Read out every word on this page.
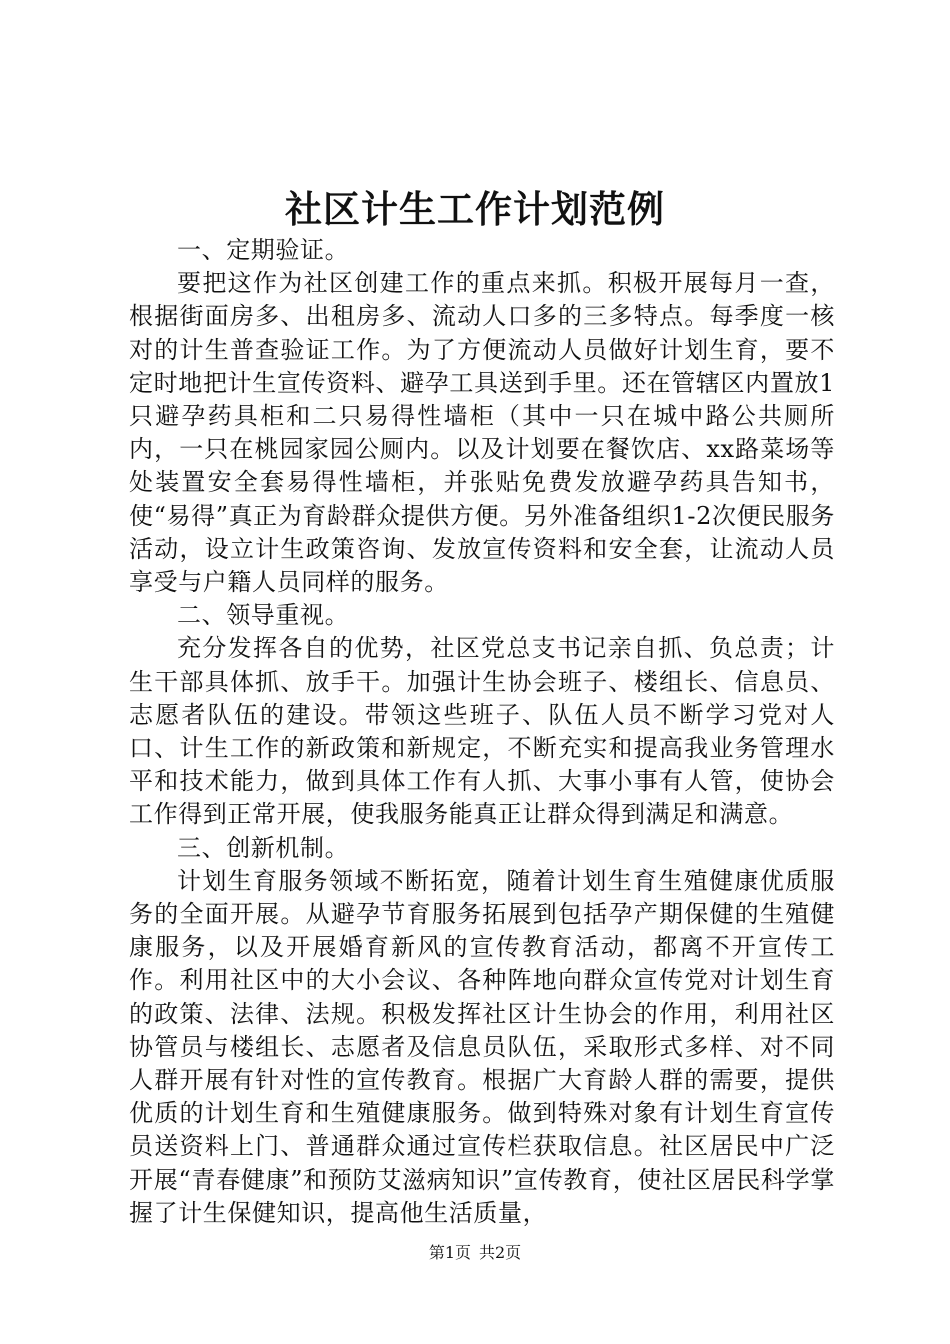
社区计生工作计划范例

一、定期验证。

要把这作为社区创建工作的重点来抓。积极开展每月一查，根据街面房多、出租房多、流动人口多的三多特点。每季度一核对的计生普查验证工作。为了方便流动人员做好计划生育，要不定时地把计生宣传资料、避孕工具送到手里。还在管辖区内置放1只避孕药具柜和二只易得性墙柜（其中一只在城中路公共厕所内，一只在桃园家园公厕内。以及计划要在餐饮店、xx路菜场等处装置安全套易得性墙柜，并张贴免费发放避孕药具告知书，使“易得”真正为育龄群众提供方便。另外准备组织1-2次便民服务活动，设立计生政策咨询、发放宣传资料和安全套，让流动人员享受与户籍人员同样的服务。

二、领导重视。

充分发挥各自的优势，社区党总支书记亲自抓、负总责；计生干部具体抓、放手干。加强计生协会班子、楼组长、信息员、志愿者队伍的建设。带领这些班子、队伍人员不断学习党对人口、计生工作的新政策和新规定，不断充实和提高我业务管理水平和技术能力，做到具体工作有人抓、大事小事有人管，使协会工作得到正常开展，使我服务能真正让群众得到满足和满意。

三、创新机制。

计划生育服务领域不断拓宽，随着计划生育生殖健康优质服务的全面开展。从避孕节育服务拓展到包括孕产期保健的生殖健康服务，以及开展婚育新风的宣传教育活动，都离不开宣传工作。利用社区中的大小会议、各种阵地向群众宣传党对计划生育的政策、法律、法规。积极发挥社区计生协会的作用，利用社区协管员与楼组长、志愿者及信息员队伍，采取形式多样、对不同人群开展有针对性的宣传教育。根据广大育龄人群的需要，提供优质的计划生育和生殖健康服务。做到特殊对象有计划生育宣传员送资料上门、普通群众通过宣传栏获取信息。社区居民中广泛开展“青春健康”和预防艾滋病知识”宣传教育，使社区居民科学掌握了计生保健知识，提高他生活质量，

第1页 共2页
